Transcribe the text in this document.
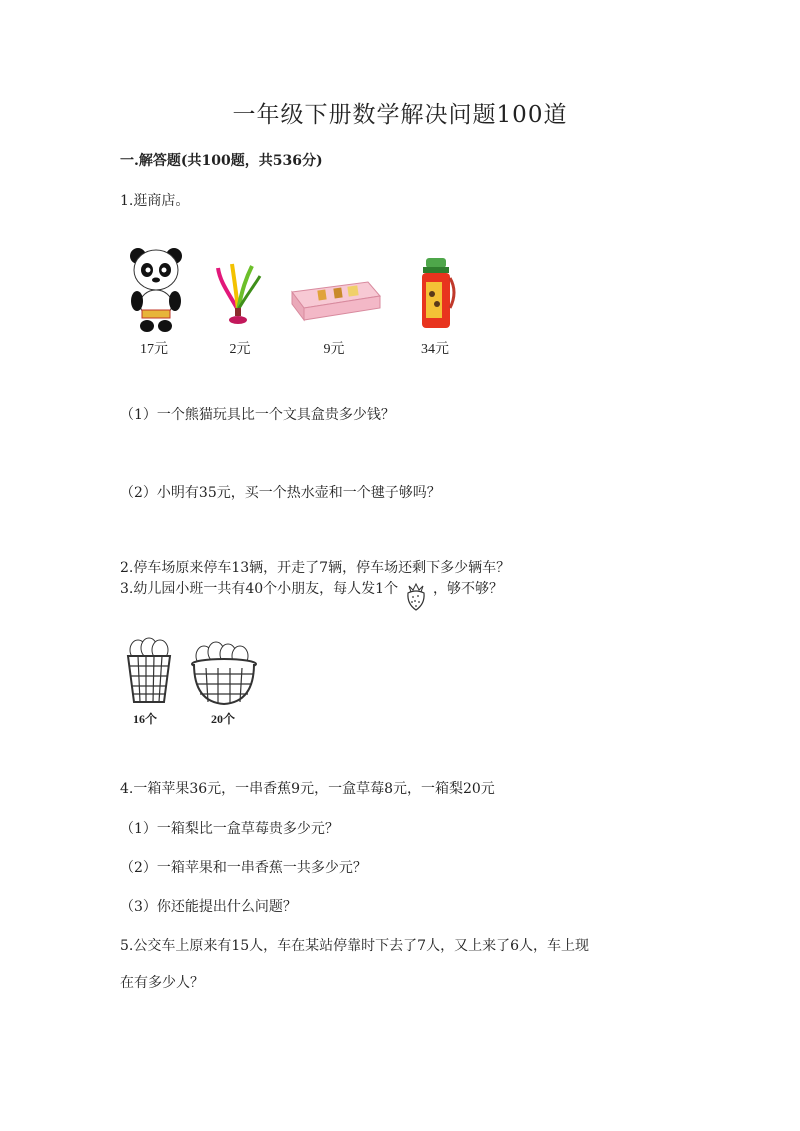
一年级下册数学解决问题100道
一.解答题(共100题，共536分)
1.逛商店。
17元	2元	9元	34元
（1）一个熊猫玩具比一个文具盒贵多少钱？
（2）小明有35元，买一个热水壶和一个毽子够吗？
2.停车场原来停车13辆，开走了7辆，停车场还剩下多少辆车？
3.幼儿园小班一共有40个小朋友，每人发1个 ，够不够？
16个	20个
4.一箱苹果36元，一串香蕉9元，一盒草莓8元，一箱梨20元
（1）一箱梨比一盒草莓贵多少元？
（2）一箱苹果和一串香蕉一共多少元？
（3）你还能提出什么问题？
5.公交车上原来有15人，车在某站停靠时下去了7人，又上来了6人，车上现
在有多少人？
